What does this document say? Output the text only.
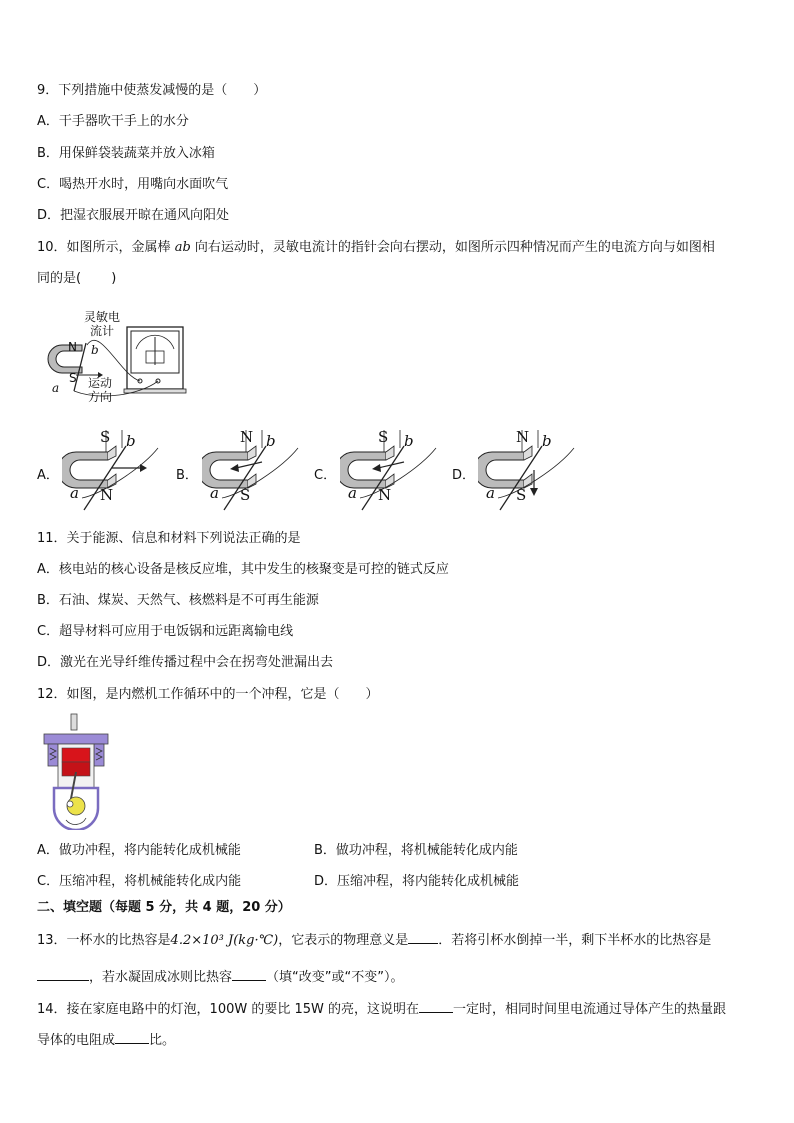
9．下列措施中使蒸发减慢的是（　　）
A．干手器吹干手上的水分
B．用保鲜袋装蔬菜并放入冰箱
C．喝热开水时，用嘴向水面吹气
D．把湿衣服展开晾在通风向阳处
10．如图所示，金属棒 ab 向右运动时，灵敏电流计的指针会向右摆动，如图所示四种情况而产生的电流方向与如图相
同的是(　　 )
灵敏电
流计
N
S
b
a 运动
方向
A．
S
N
b
a
B．
N
S
b
a
C．
S
N
b
a
D．
N
S
b
a
11．关于能源、信息和材料下列说法正确的是
A．核电站的核心设备是核反应堆，其中发生的核聚变是可控的链式反应
B．石油、煤炭、天然气、核燃料是不可再生能源
C．超导材料可应用于电饭锅和远距离输电线
D．激光在光导纤维传播过程中会在拐弯处泄漏出去
12．如图，是内燃机工作循环中的一个冲程，它是（　　）
A．做功冲程，将内能转化成机械能	B．做功冲程，将机械能转化成内能
C．压缩冲程，将机械能转化成内能	D．压缩冲程，将内能转化成机械能
二、填空题（每题 5 分，共 4 题，20 分）
13．一杯水的比热容是4.2×10³ J(kg·℃)，它表示的物理意义是 ．若将引杯水倒掉一半，剩下半杯水的比热容是
，若水凝固成冰则比热容	（填“改变”或“不变”）。
14．接在家庭电路中的灯泡，100W 的要比 15W 的亮，这说明在	一定时，相同时间里电流通过导体产生的热量跟
导体的电阻成	比。
